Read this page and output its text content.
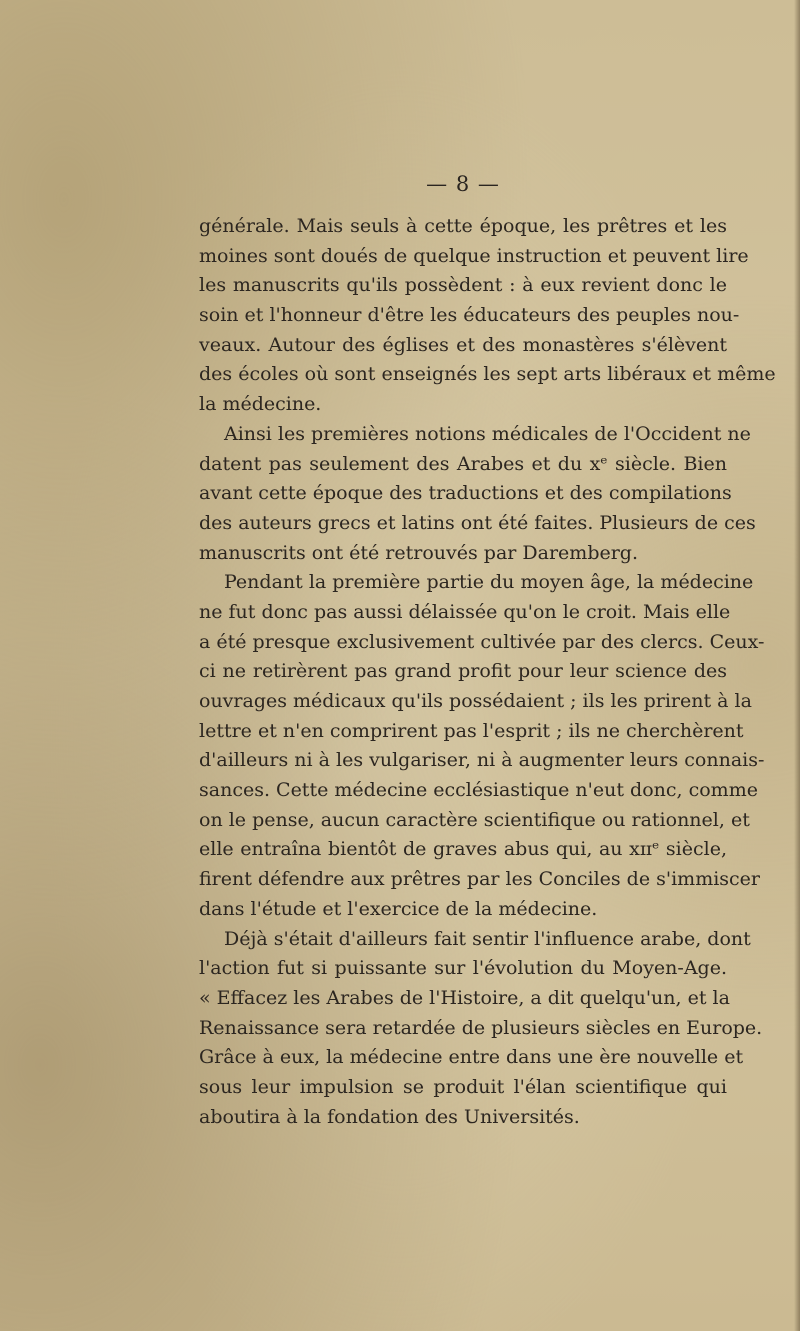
— 8 —
générale. Mais seuls à cette époque, les prêtres et les
moines sont doués de quelque instruction et peuvent lire
les manuscrits qu'ils possèdent : à eux revient donc le
soin et l'honneur d'être les éducateurs des peuples nou-
veaux. Autour des églises et des monastères s'élèvent
des écoles où sont enseignés les sept arts libéraux et même
la médecine.
Ainsi les premières notions médicales de l'Occident ne
datent pas seulement des Arabes et du xᵉ siècle. Bien
avant cette époque des traductions et des compilations
des auteurs grecs et latins ont été faites. Plusieurs de ces
manuscrits ont été retrouvés par Daremberg.
Pendant la première partie du moyen âge, la médecine
ne fut donc pas aussi délaissée qu'on le croit. Mais elle
a été presque exclusivement cultivée par des clercs. Ceux-
ci ne retirèrent pas grand profit pour leur science des
ouvrages médicaux qu'ils possédaient ; ils les prirent à la
lettre et n'en comprirent pas l'esprit ; ils ne cherchèrent
d'ailleurs ni à les vulgariser, ni à augmenter leurs connais-
sances. Cette médecine ecclésiastique n'eut donc, comme
on le pense, aucun caractère scientifique ou rationnel, et
elle entraîna bientôt de graves abus qui, au xɪɪᵉ siècle,
firent défendre aux prêtres par les Conciles de s'immiscer
dans l'étude et l'exercice de la médecine.
Déjà s'était d'ailleurs fait sentir l'influence arabe, dont
l'action fut si puissante sur l'évolution du Moyen-Age.
« Effacez les Arabes de l'Histoire, a dit quelqu'un, et la
Renaissance sera retardée de plusieurs siècles en Europe.
Grâce à eux, la médecine entre dans une ère nouvelle et
sous leur impulsion se produit l'élan scientifique qui
aboutira à la fondation des Universités.
